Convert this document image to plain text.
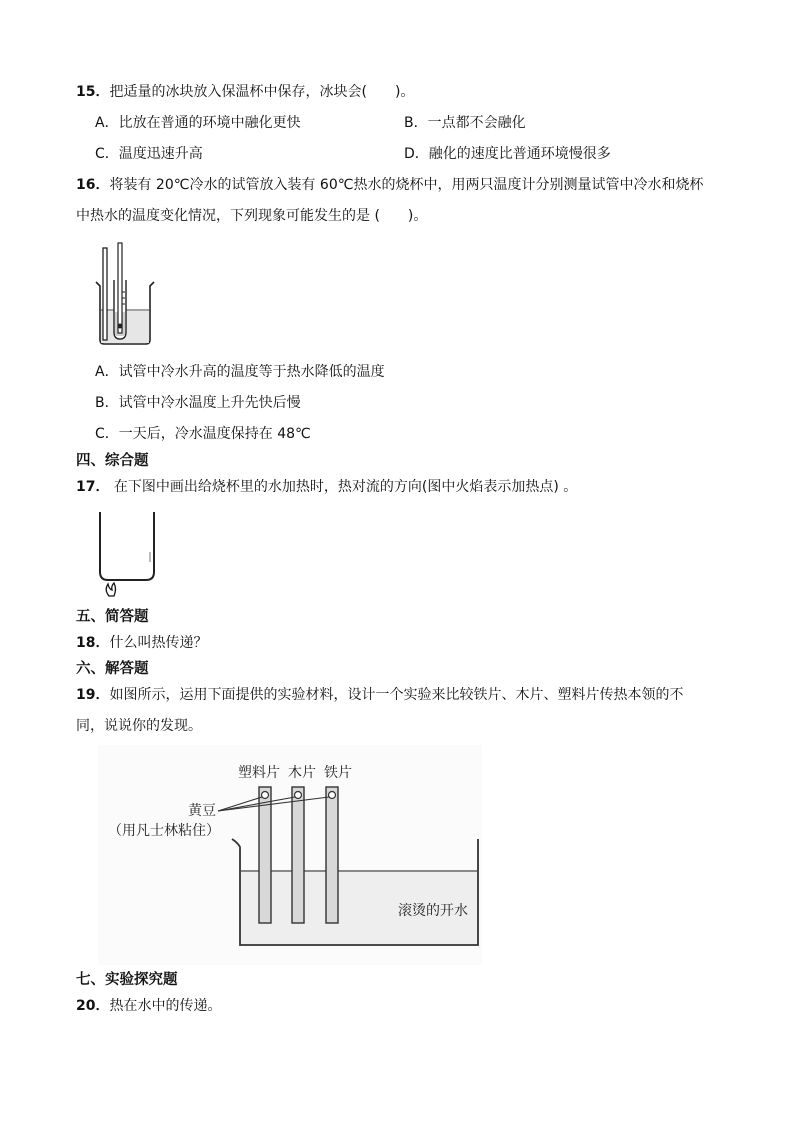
15．把适量的冰块放入保温杯中保存，冰块会(　　)。
A．比放在普通的环境中融化更快	B．一点都不会融化
C．温度迅速升高	D．融化的速度比普通环境慢很多
16．将装有 20℃冷水的试管放入装有 60℃热水的烧杯中，用两只温度计分别测量试管中冷水和烧杯
中热水的温度变化情况，下列现象可能发生的是 (　　)。
A．试管中冷水升高的温度等于热水降低的温度
B．试管中冷水温度上升先快后慢
C．一天后，冷水温度保持在 48℃
四、综合题
17． 在下图中画出给烧杯里的水加热时，热对流的方向(图中火焰表示加热点) 。
五、简答题
18．什么叫热传递？
六、解答题
19．如图所示，运用下面提供的实验材料，设计一个实验来比较铁片、木片、塑料片传热本领的不
同，说说你的发现。
塑料片 木片 铁片
黄豆
（用凡士林粘住）
滚烫的开水
七、实验探究题
20．热在水中的传递。
